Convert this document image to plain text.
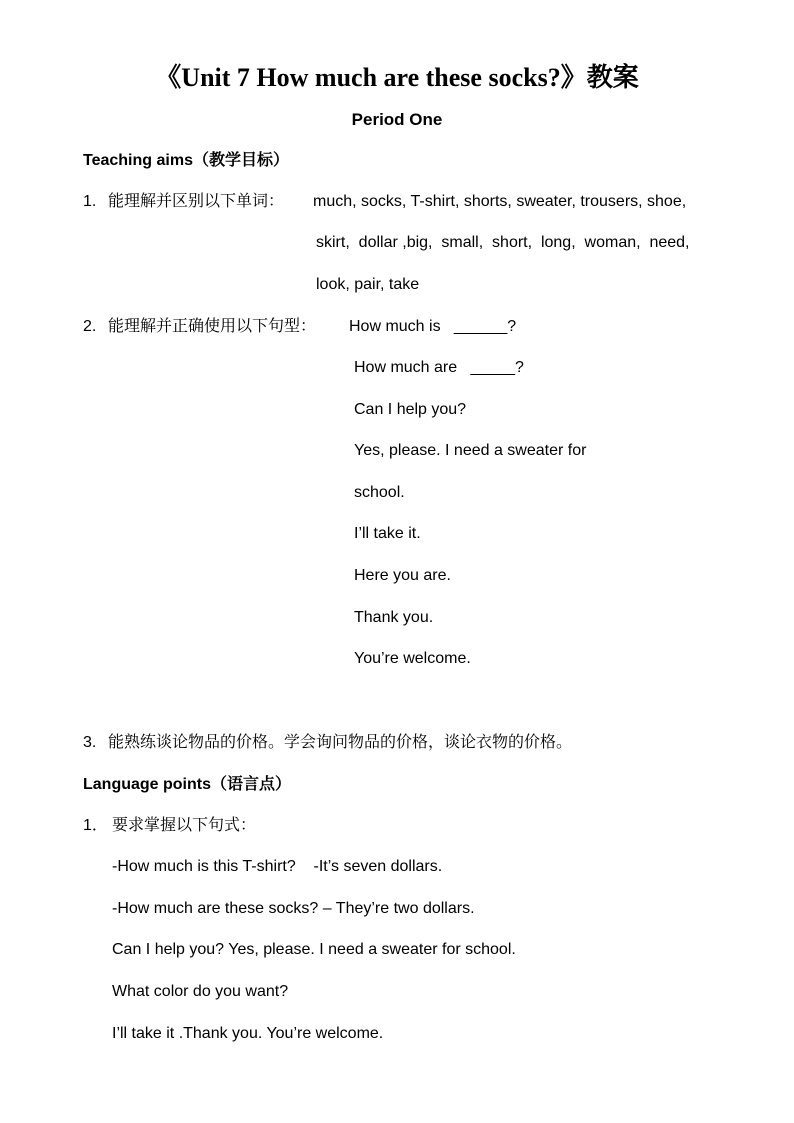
《Unit 7 How much are these socks?》教案
Period One
Teaching aims（教学目标）
1. 能理解并区别以下单词： much, socks, T-shirt, shorts, sweater, trousers, shoe,
skirt,  dollar ,big,  small,  short,  long,  woman,  need,
look, pair, take
2. 能理解并正确使用以下句型： How much is   ______?
How much are   _____?
Can I help you?
Yes, please. I need a sweater for
school.
I’ll take it.
Here you are.
Thank you.
You’re welcome.
3. 能熟练谈论物品的价格。学会询问物品的价格，谈论衣物的价格。
Language points（语言点）
1． 要求掌握以下句式：
-How much is this T-shirt?    -It’s seven dollars.
-How much are these socks? – They’re two dollars.
Can I help you? Yes, please. I need a sweater for school.
What color do you want?
I’ll take it .Thank you. You’re welcome.
